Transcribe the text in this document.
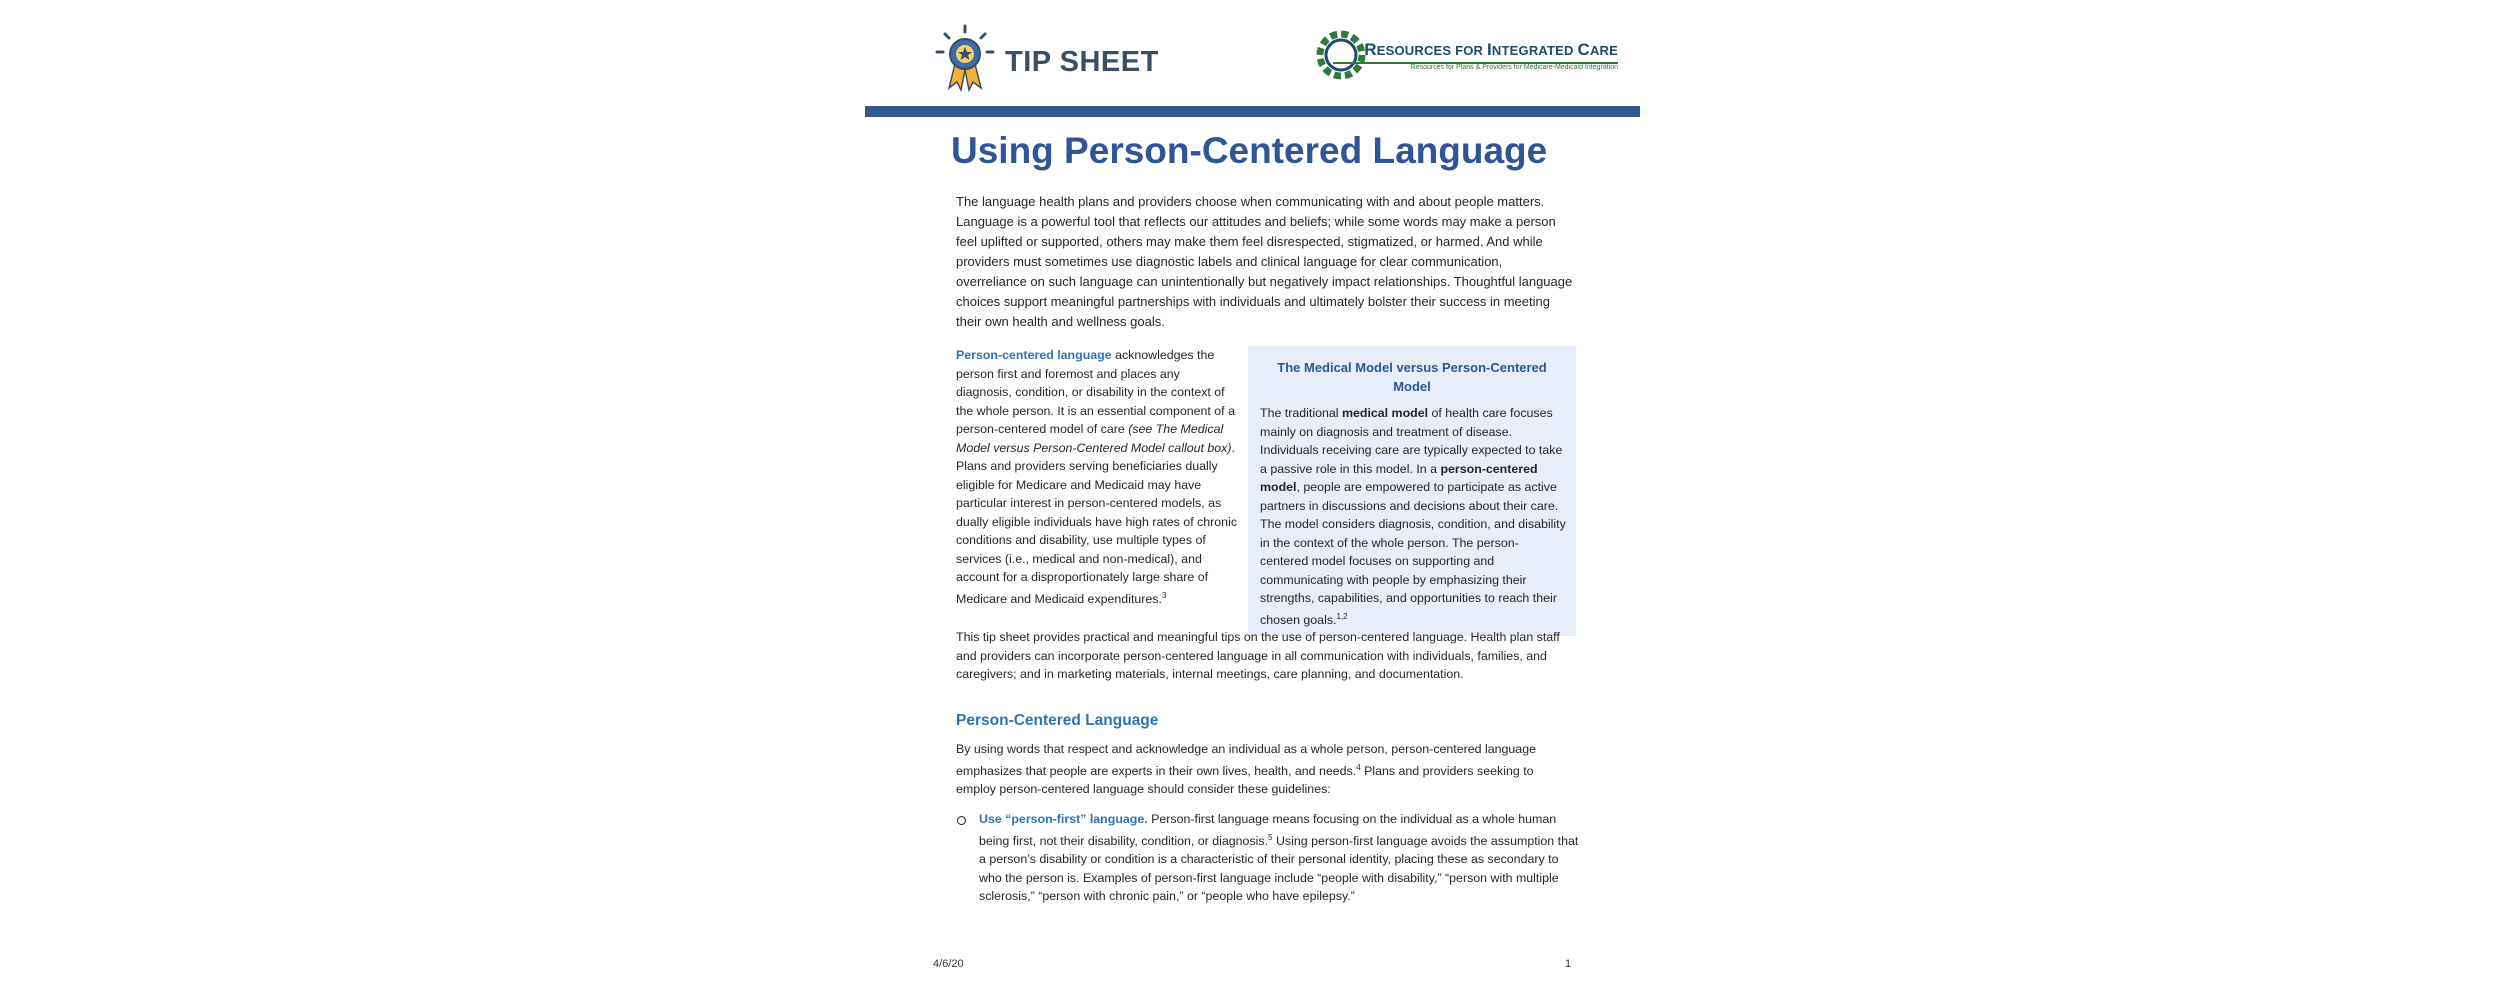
TIP SHEET	RESOURCES FOR INTEGRATED CARE
Resources for Plans & Providers for Medicare-Medicaid Integration
Using Person-Centered Language

The language health plans and providers choose when communicating with and about people matters. Language is a powerful tool that reflects our attitudes and beliefs; while some words may make a person feel uplifted or supported, others may make them feel disrespected, stigmatized, or harmed. And while providers must sometimes use diagnostic labels and clinical language for clear communication, overreliance on such language can unintentionally but negatively impact relationships. Thoughtful language choices support meaningful partnerships with individuals and ultimately bolster their success in meeting their own health and wellness goals.

Person-centered language acknowledges the person first and foremost and places any diagnosis, condition, or disability in the context of the whole person. It is an essential component of a person-centered model of care (see The Medical Model versus Person-Centered Model callout box). Plans and providers serving beneficiaries dually eligible for Medicare and Medicaid may have particular interest in person-centered models, as dually eligible individuals have high rates of chronic conditions and disability, use multiple types of services (i.e., medical and non-medical), and account for a disproportionately large share of Medicare and Medicaid expenditures.$^3$

The Medical Model versus Person-Centered Model

The traditional medical model of health care focuses mainly on diagnosis and treatment of disease. Individuals receiving care are typically expected to take a passive role in this model. In a person-centered model, people are empowered to participate as active partners in discussions and decisions about their care. The model considers diagnosis, condition, and disability in the context of the whole person. The person-centered model focuses on supporting and communicating with people by emphasizing their strengths, capabilities, and opportunities to reach their chosen goals.$^{1,2}$

This tip sheet provides practical and meaningful tips on the use of person-centered language. Health plan staff and providers can incorporate person-centered language in all communication with individuals, families, and caregivers; and in marketing materials, internal meetings, care planning, and documentation.

Person-Centered Language

By using words that respect and acknowledge an individual as a whole person, person-centered language emphasizes that people are experts in their own lives, health, and needs.$^4$ Plans and providers seeking to employ person-centered language should consider these guidelines:

Use “person-first” language. Person-first language means focusing on the individual as a whole human being first, not their disability, condition, or diagnosis.$^5$ Using person-first language avoids the assumption that a person’s disability or condition is a characteristic of their personal identity, placing these as secondary to who the person is. Examples of person-first language include “people with disability,” “person with multiple sclerosis,” “person with chronic pain,” or “people who have epilepsy.”

4/6/20	1
